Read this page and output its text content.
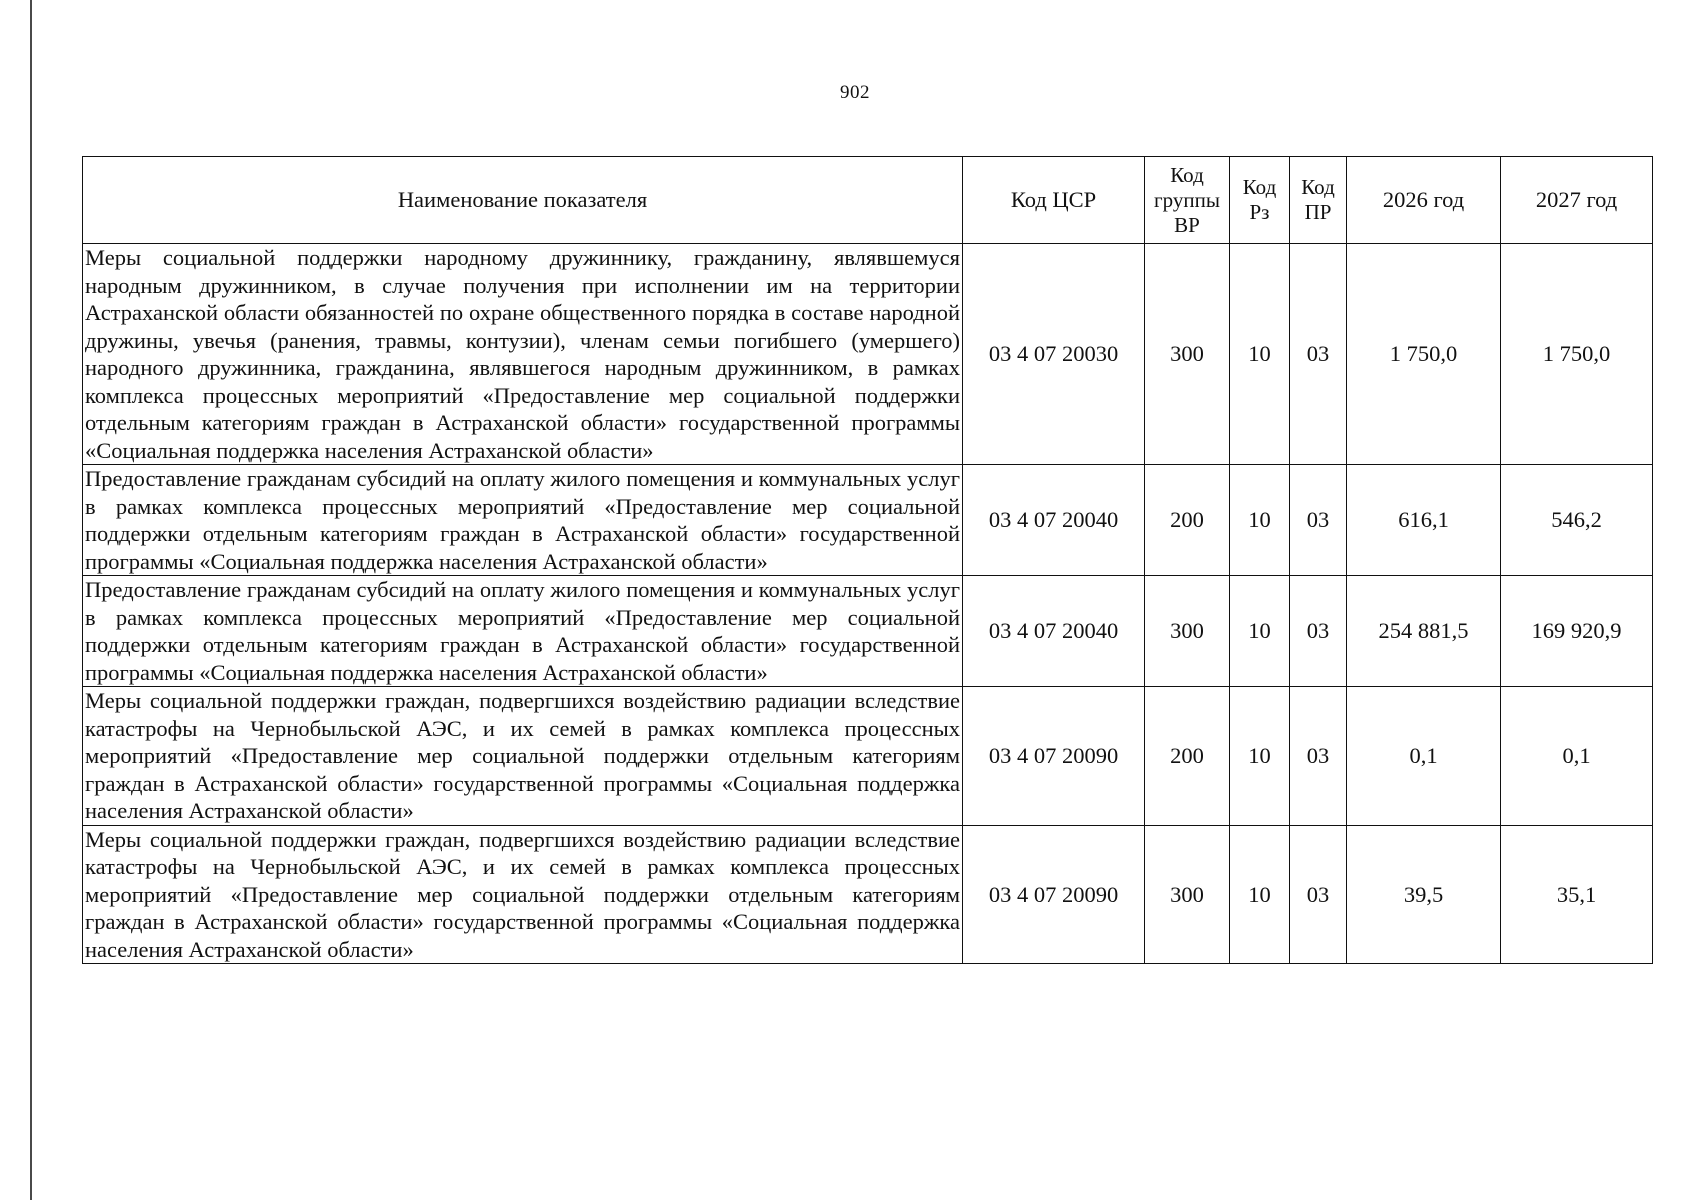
902
Наименование показателя	Код ЦСР	Код группы ВР	Код Рз	Код ПР	2026 год	2027 год
Меры социальной поддержки народному дружиннику, гражданину, являвшемуся народным дружинником, в случае получения при исполнении им на территории Астраханской области обязанностей по охране общественного порядка в составе народной дружины, увечья (ранения, травмы, контузии), членам семьи погибшего (умершего) народного дружинника, гражданина, являвшегося народным дружинником, в рамках комплекса процессных мероприятий «Предоставление мер социальной поддержки отдельным категориям граждан в Астраханской области» государственной программы «Социальная поддержка населения Астраханской области»	03 4 07 20030	300	10	03	1 750,0	1 750,0
Предоставление гражданам субсидий на оплату жилого помещения и коммунальных услуг в рамках комплекса процессных мероприятий «Предоставление мер социальной поддержки отдельным категориям граждан в Астраханской области» государственной программы «Социальная поддержка населения Астраханской области»	03 4 07 20040	200	10	03	616,1	546,2
Предоставление гражданам субсидий на оплату жилого помещения и коммунальных услуг в рамках комплекса процессных мероприятий «Предоставление мер социальной поддержки отдельным категориям граждан в Астраханской области» государственной программы «Социальная поддержка населения Астраханской области»	03 4 07 20040	300	10	03	254 881,5	169 920,9
Меры социальной поддержки граждан, подвергшихся воздействию радиации вследствие катастрофы на Чернобыльской АЭС, и их семей в рамках комплекса процессных мероприятий «Предоставление мер социальной поддержки отдельным категориям граждан в Астраханской области» государственной программы «Социальная поддержка населения Астраханской области»	03 4 07 20090	200	10	03	0,1	0,1
Меры социальной поддержки граждан, подвергшихся воздействию радиации вследствие катастрофы на Чернобыльской АЭС, и их семей в рамках комплекса процессных мероприятий «Предоставление мер социальной поддержки отдельным категориям граждан в Астраханской области» государственной программы «Социальная поддержка населения Астраханской области»	03 4 07 20090	300	10	03	39,5	35,1
